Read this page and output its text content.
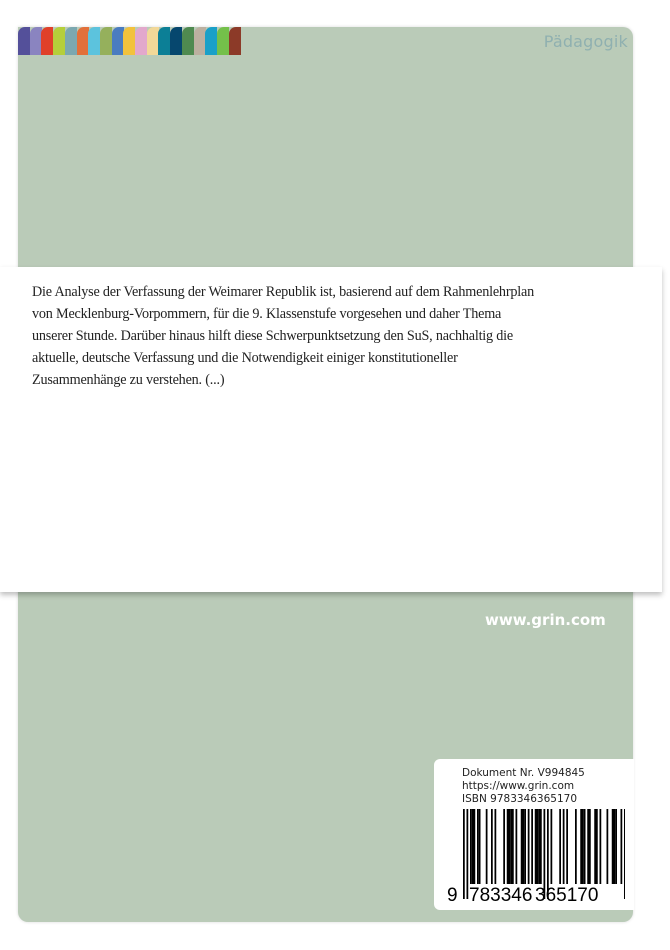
Pädagogik
Die Analyse der Verfassung der Weimarer Republik ist, basierend auf dem Rahmenlehrplan
von Mecklenburg-Vorpommern, für die 9. Klassenstufe vorgesehen und daher Thema
unserer Stunde. Darüber hinaus hilft diese Schwerpunktsetzung den SuS, nachhaltig die
aktuelle, deutsche Verfassung und die Notwendigkeit einiger konstitutioneller
Zusammenhänge zu verstehen. (...)
www.grin.com
Dokument Nr. V994845
https://www.grin.com
ISBN 9783346365170
9 783346 365170
